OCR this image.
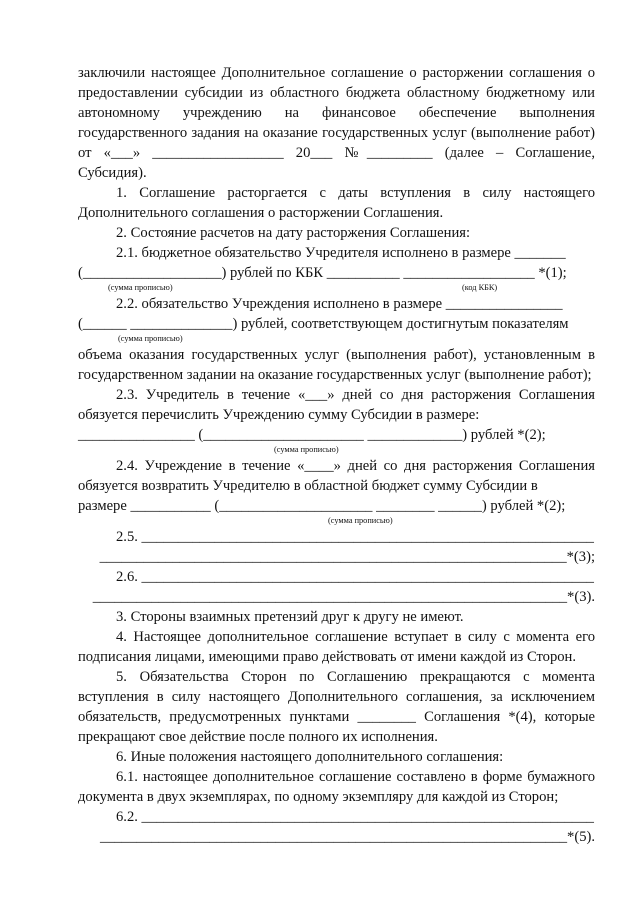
заключили настоящее Дополнительное соглашение о расторжении соглашения о предоставлении субсидии из областного бюджета областному бюджетному или автономному учреждению на финансовое обеспечение выполнения государственного задания на оказание государственных услуг (выполнение работ) от «___» __________________ 20___ №_________ (далее – Соглашение, Субсидия).

1. Соглашение расторгается с даты вступления в силу настоящего Дополнительного соглашения о расторжении Соглашения.

2. Состояние расчетов на дату расторжения Соглашения:

2.1. бюджетное обязательство Учредителя исполнено в размере _______

(___________________) рублей по КБК __________ __________________ *(1);

(сумма прописью)	(код КБК)

2.2. обязательство Учреждения исполнено в размере ________________

(______ ______________) рублей, соответствующем достигнутым показателям

(сумма прописью)

объема оказания государственных услуг (выполнения работ), установленным в государственном задании на оказание государственных услуг (выполнение работ);

2.3. Учредитель в течение «___» дней со дня расторжения Соглашения обязуется перечислить Учреждению сумму Субсидии в размере:

________________ (______________________ _____________) рублей *(2);

(сумма прописью)

2.4. Учреждение в течение «____» дней со дня расторжения Соглашения обязуется возвратить Учредителю в областной бюджет сумму Субсидии в

размере ___________ (_____________________ ________ ______) рублей *(2);

(сумма прописью)

2.5. ______________________________________________________________

________________________________________________________________*(3);

2.6. ______________________________________________________________

_________________________________________________________________*(3).

3. Стороны взаимных претензий друг к другу не имеют.

4. Настоящее дополнительное соглашение вступает в силу с момента его подписания лицами, имеющими право действовать от имени каждой из Сторон.

5. Обязательства Сторон по Соглашению прекращаются с момента вступления в силу настоящего Дополнительного соглашения, за исключением обязательств, предусмотренных пунктами ________ Соглашения *(4), которые прекращают свое действие после полного их исполнения.

6. Иные положения настоящего дополнительного соглашения:

6.1. настоящее дополнительное соглашение составлено в форме бумажного документа в двух экземплярах, по одному экземпляру для каждой из Сторон;

6.2. ______________________________________________________________

________________________________________________________________*(5).
